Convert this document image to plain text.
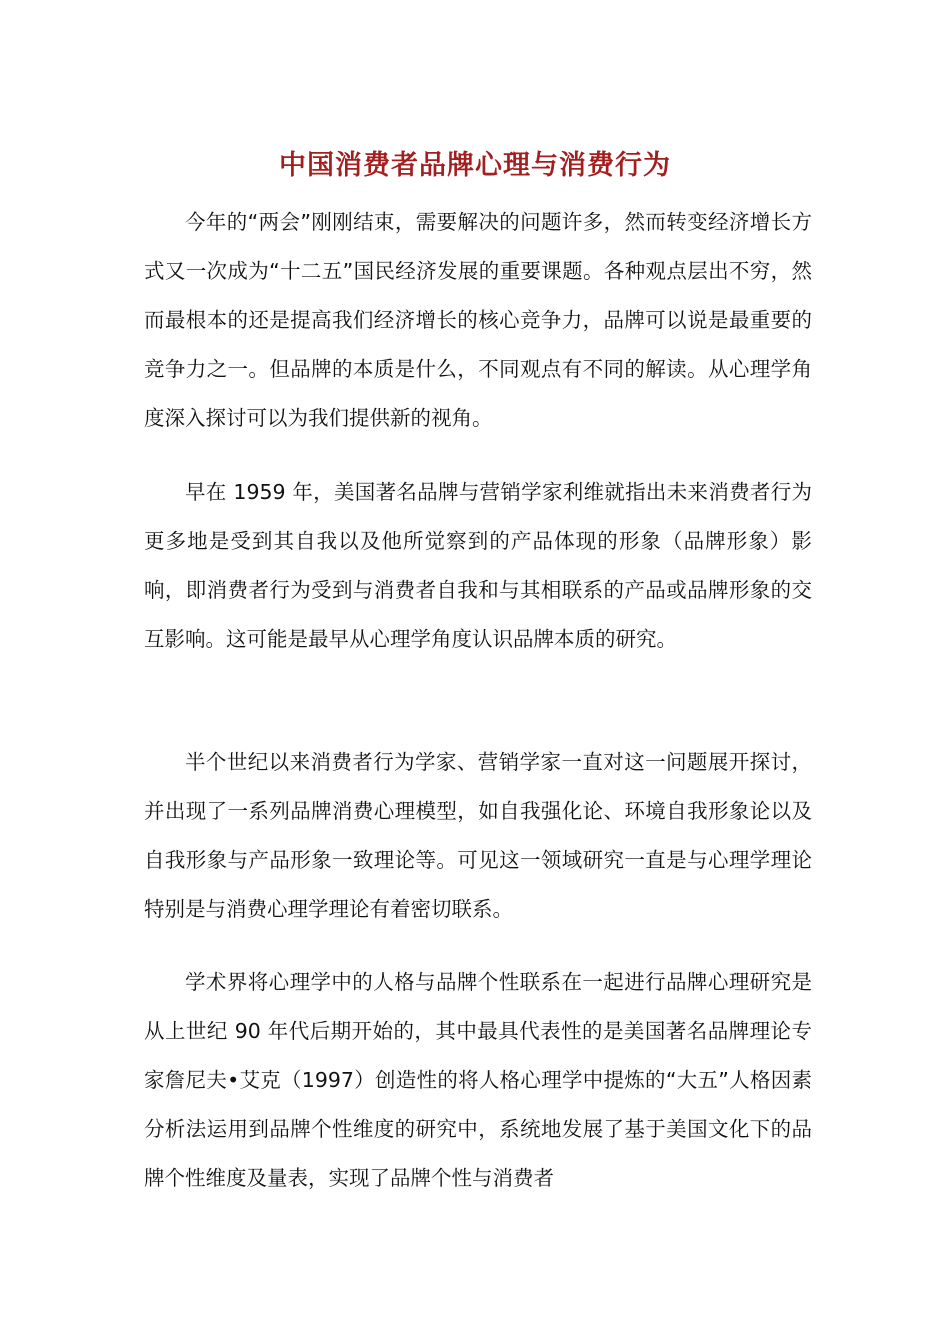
中国消费者品牌心理与消费行为

今年的“两会”刚刚结束，需要解决的问题许多，然而转变经济增长方式又一次成为“十二五”国民经济发展的重要课题。各种观点层出不穷，然而最根本的还是提高我们经济增长的核心竞争力，品牌可以说是最重要的竞争力之一。但品牌的本质是什么，不同观点有不同的解读。从心理学角度深入探讨可以为我们提供新的视角。

早在 1959 年，美国著名品牌与营销学家利维就指出未来消费者行为更多地是受到其自我以及他所觉察到的产品体现的形象（品牌形象）影响，即消费者行为受到与消费者自我和与其相联系的产品或品牌形象的交互影响。这可能是最早从心理学角度认识品牌本质的研究。

半个世纪以来消费者行为学家、营销学家一直对这一问题展开探讨，并出现了一系列品牌消费心理模型，如自我强化论、环境自我形象论以及自我形象与产品形象一致理论等。可见这一领域研究一直是与心理学理论特别是与消费心理学理论有着密切联系。

学术界将心理学中的人格与品牌个性联系在一起进行品牌心理研究是从上世纪 90 年代后期开始的，其中最具代表性的是美国著名品牌理论专家詹尼夫•艾克（1997）创造性的将人格心理学中提炼的“大五”人格因素分析法运用到品牌个性维度的研究中，系统地发展了基于美国文化下的品牌个性维度及量表，实现了品牌个性与消费者
